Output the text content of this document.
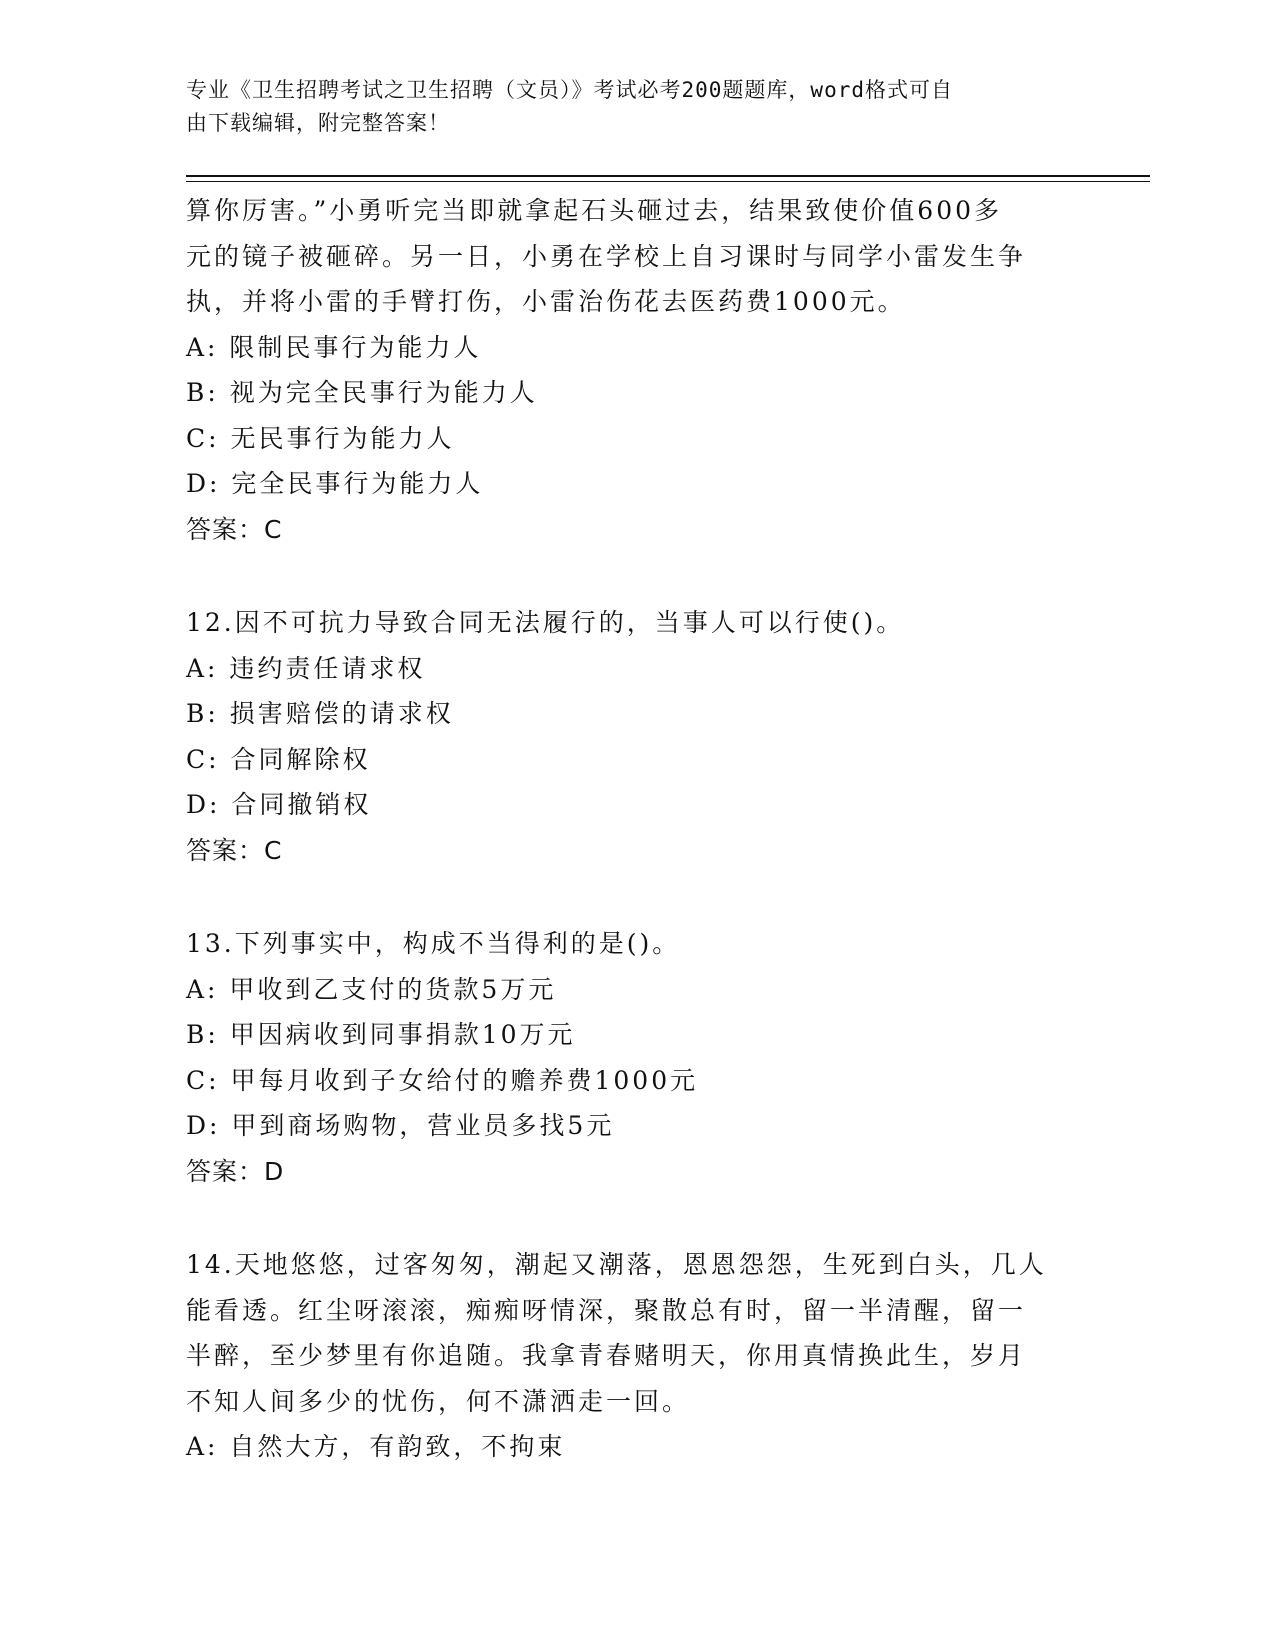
专业《卫生招聘考试之卫生招聘（文员）》考试必考200题题库，word格式可自
由下载编辑，附完整答案！

算你厉害。”小勇听完当即就拿起石头砸过去，结果致使价值600多

元的镜子被砸碎。另一日，小勇在学校上自习课时与同学小雷发生争

执，并将小雷的手臂打伤，小雷治伤花去医药费1000元。

A: 限制民事行为能力人

B: 视为完全民事行为能力人

C: 无民事行为能力人

D: 完全民事行为能力人

答案：C

12.因不可抗力导致合同无法履行的，当事人可以行使()。

A: 违约责任请求权

B: 损害赔偿的请求权

C: 合同解除权

D: 合同撤销权

答案：C

13.下列事实中，构成不当得利的是()。

A: 甲收到乙支付的货款5万元

B: 甲因病收到同事捐款10万元

C: 甲每月收到子女给付的赡养费1000元

D: 甲到商场购物，营业员多找5元

答案：D

14.天地悠悠，过客匆匆，潮起又潮落，恩恩怨怨，生死到白头，几人

能看透。红尘呀滚滚，痴痴呀情深，聚散总有时，留一半清醒，留一

半醉，至少梦里有你追随。我拿青春赌明天，你用真情换此生，岁月

不知人间多少的忧伤，何不潇洒走一回。

A: 自然大方，有韵致，不拘束
